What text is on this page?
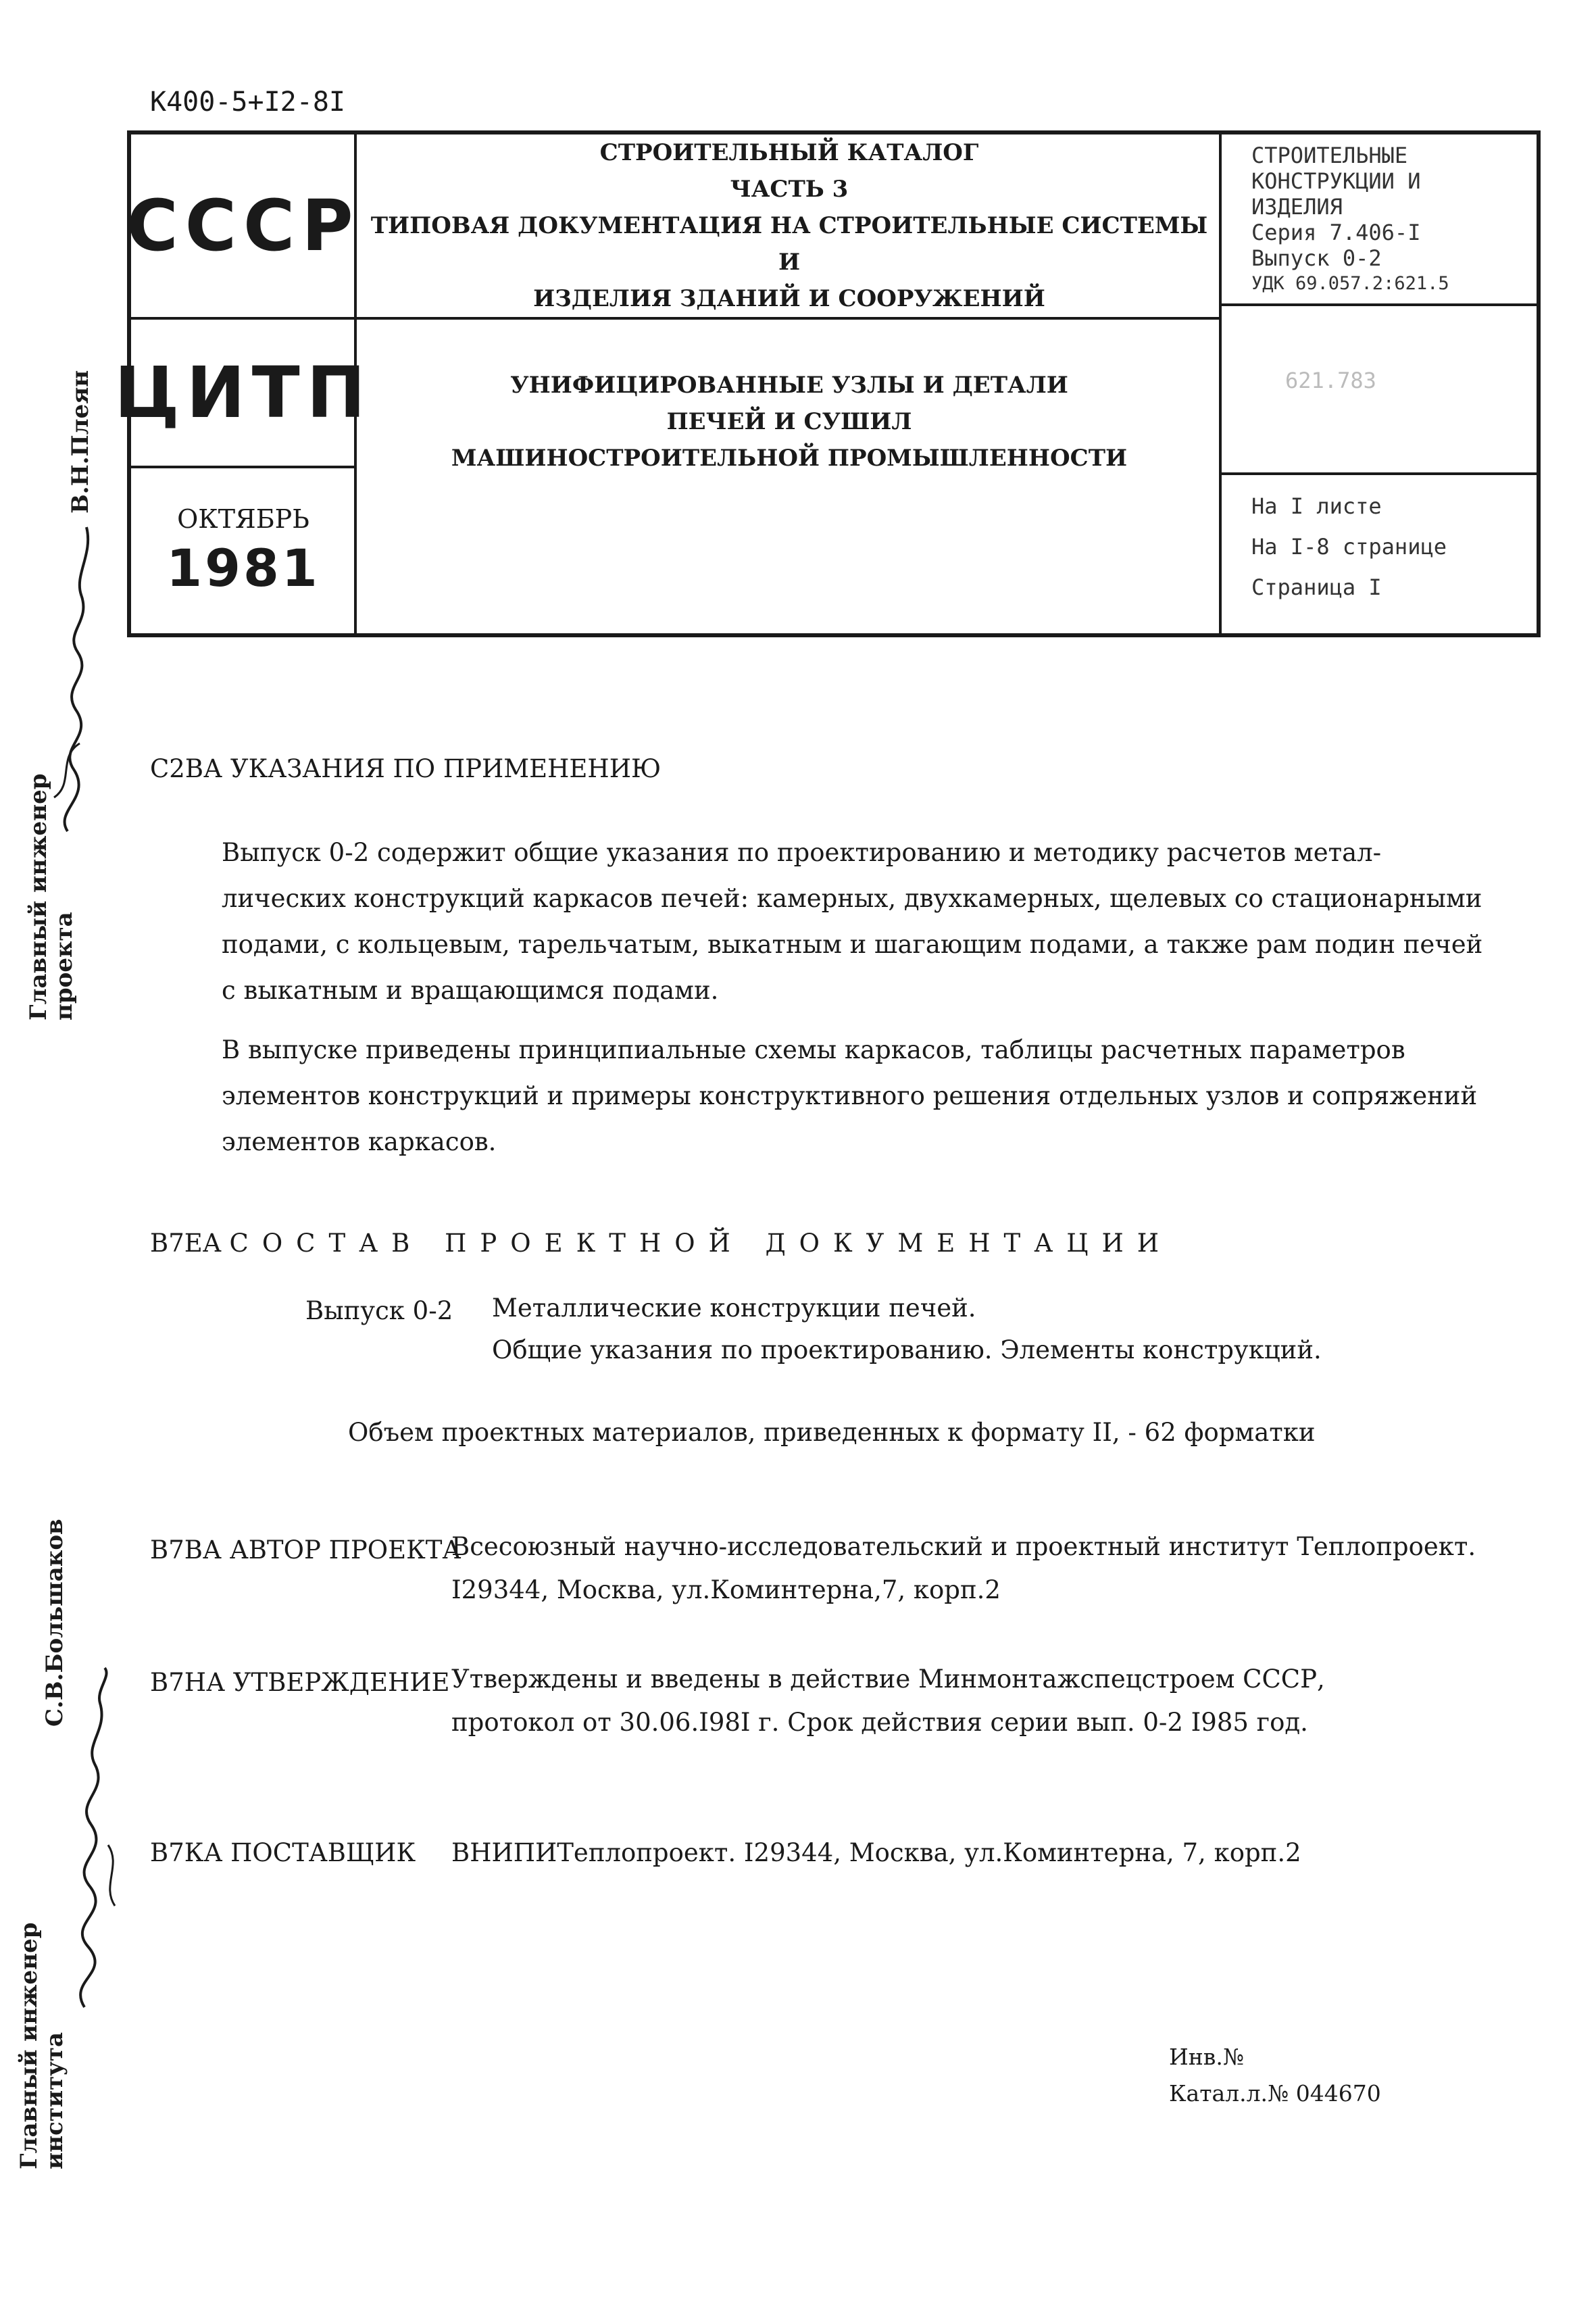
К400-5+I2-8I
СССР
ЦИТП
ОКТЯБРЬ
1981
СТРОИТЕЛЬНЫЙ КАТАЛОГ
ЧАСТЬ 3
ТИПОВАЯ ДОКУМЕНТАЦИЯ НА СТРОИТЕЛЬНЫЕ СИСТЕМЫ И
ИЗДЕЛИЯ ЗДАНИЙ И СООРУЖЕНИЙ
УНИФИЦИРОВАННЫЕ УЗЛЫ И ДЕТАЛИ
ПЕЧЕЙ И СУШИЛ
МАШИНОСТРОИТЕЛЬНОЙ ПРОМЫШЛЕННОСТИ
СТРОИТЕЛЬНЫЕ
КОНСТРУКЦИИ И
ИЗДЕЛИЯ
Серия 7.406-I
Выпуск 0-2
УДК 69.057.2:621.5
621.783
На I листе
На I-8 странице
Страница I
Главный инженер
проекта
В.Н.Плеян
Главный инженер
института
С.В.Большаков
С2ВА УКАЗАНИЯ ПО ПРИМЕНЕНИЮ
Выпуск 0-2 содержит общие указания по проектированию и методику расчетов метал-
лических конструкций каркасов печей: камерных, двухкамерных, щелевых со стационарными
подами, с кольцевым, тарельчатым, выкатным и шагающим подами, а также рам подин печей
с выкатным и вращающимся подами.
В выпуске приведены принципиальные схемы каркасов, таблицы расчетных параметров
элементов конструкций и примеры конструктивного решения отдельных узлов и сопряжений
элементов каркасов.
В7ЕА СОСТАВ ПРОЕКТНОЙ ДОКУМЕНТАЦИИ
Выпуск 0-2 Металлические конструкции печей.
Общие указания по проектированию. Элементы конструкций.
Объем проектных материалов, приведенных к формату II, - 62 форматки
В7ВА АВТОР ПРОЕКТА
Всесоюзный научно-исследовательский и проектный институт Теплопроект.
I29344, Москва, ул.Коминтерна,7, корп.2
В7НА УТВЕРЖДЕНИЕ Утверждены и введены в действие Минмонтажспецстроем СССР,
протокол от 30.06.I98I г. Срок действия серии вып. 0-2 I985 год.
В7КА ПОСТАВЩИК ВНИПИТеплопроект. I29344, Москва, ул.Коминтерна, 7, корп.2
Инв.№
Катал.л.№ 044670
